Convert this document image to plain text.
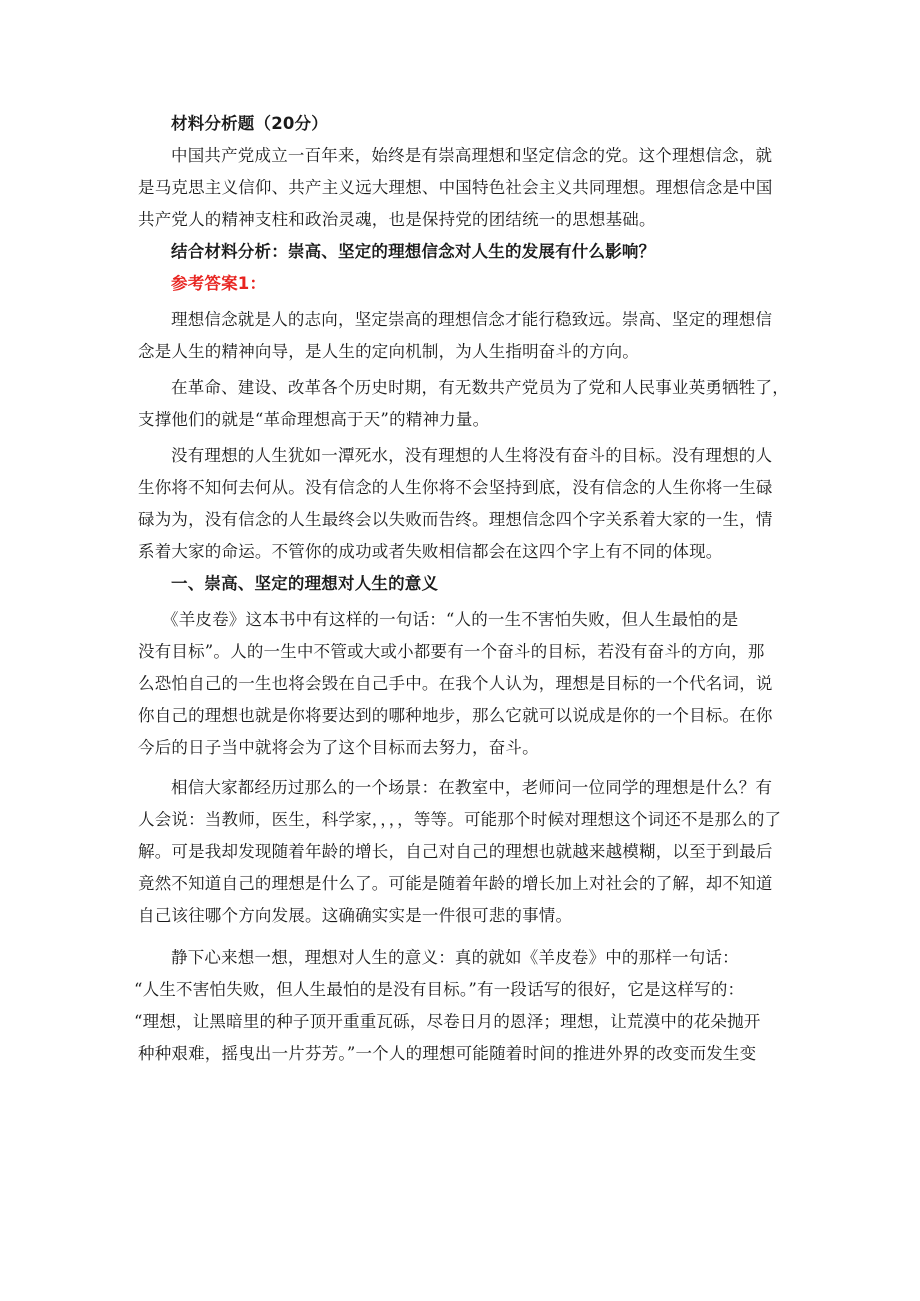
材料分析题（20分）

中国共产党成立一百年来，始终是有崇高理想和坚定信念的党。这个理想信念，就

是马克思主义信仰、共产主义远大理想、中国特色社会主义共同理想。理想信念是中国

共产党人的精神支柱和政治灵魂，也是保持党的团结统一的思想基础。

结合材料分析：崇高、坚定的理想信念对人生的发展有什么影响？

参考答案1：

理想信念就是人的志向，坚定崇高的理想信念才能行稳致远。崇高、坚定的理想信

念是人生的精神向导，是人生的定向机制，为人生指明奋斗的方向。

在革命、建设、改革各个历史时期，有无数共产党员为了党和人民事业英勇牺牲了，

支撑他们的就是“革命理想高于天”的精神力量。

没有理想的人生犹如一潭死水，没有理想的人生将没有奋斗的目标。没有理想的人

生你将不知何去何从。没有信念的人生你将不会坚持到底，没有信念的人生你将一生碌

碌为为，没有信念的人生最终会以失败而告终。理想信念四个字关系着大家的一生，情

系着大家的命运。不管你的成功或者失败相信都会在这四个字上有不同的体现。

一、崇高、坚定的理想对人生的意义

《羊皮卷》这本书中有这样的一句话：“人的一生不害怕失败，但人生最怕的是

没有目标”。人的一生中不管或大或小都要有一个奋斗的目标，若没有奋斗的方向，那

么恐怕自己的一生也将会毁在自己手中。在我个人认为，理想是目标的一个代名词，说

你自己的理想也就是你将要达到的哪种地步，那么它就可以说成是你的一个目标。在你

今后的日子当中就将会为了这个目标而去努力，奋斗。

相信大家都经历过那么的一个场景：在教室中，老师问一位同学的理想是什么？有

人会说：当教师，医生，科学家，，，，等等。可能那个时候对理想这个词还不是那么的了

解。可是我却发现随着年龄的增长，自己对自己的理想也就越来越模糊，以至于到最后

竟然不知道自己的理想是什么了。可能是随着年龄的增长加上对社会的了解，却不知道

自己该往哪个方向发展。这确确实实是一件很可悲的事情。

静下心来想一想，理想对人生的意义：真的就如《羊皮卷》中的那样一句话：

“人生不害怕失败，但人生最怕的是没有目标。”有一段话写的很好，它是这样写的：

“理想，让黑暗里的种子顶开重重瓦砾，尽卷日月的恩泽；理想，让荒漠中的花朵抛开

种种艰难，摇曳出一片芬芳。”一个人的理想可能随着时间的推进外界的改变而发生变
